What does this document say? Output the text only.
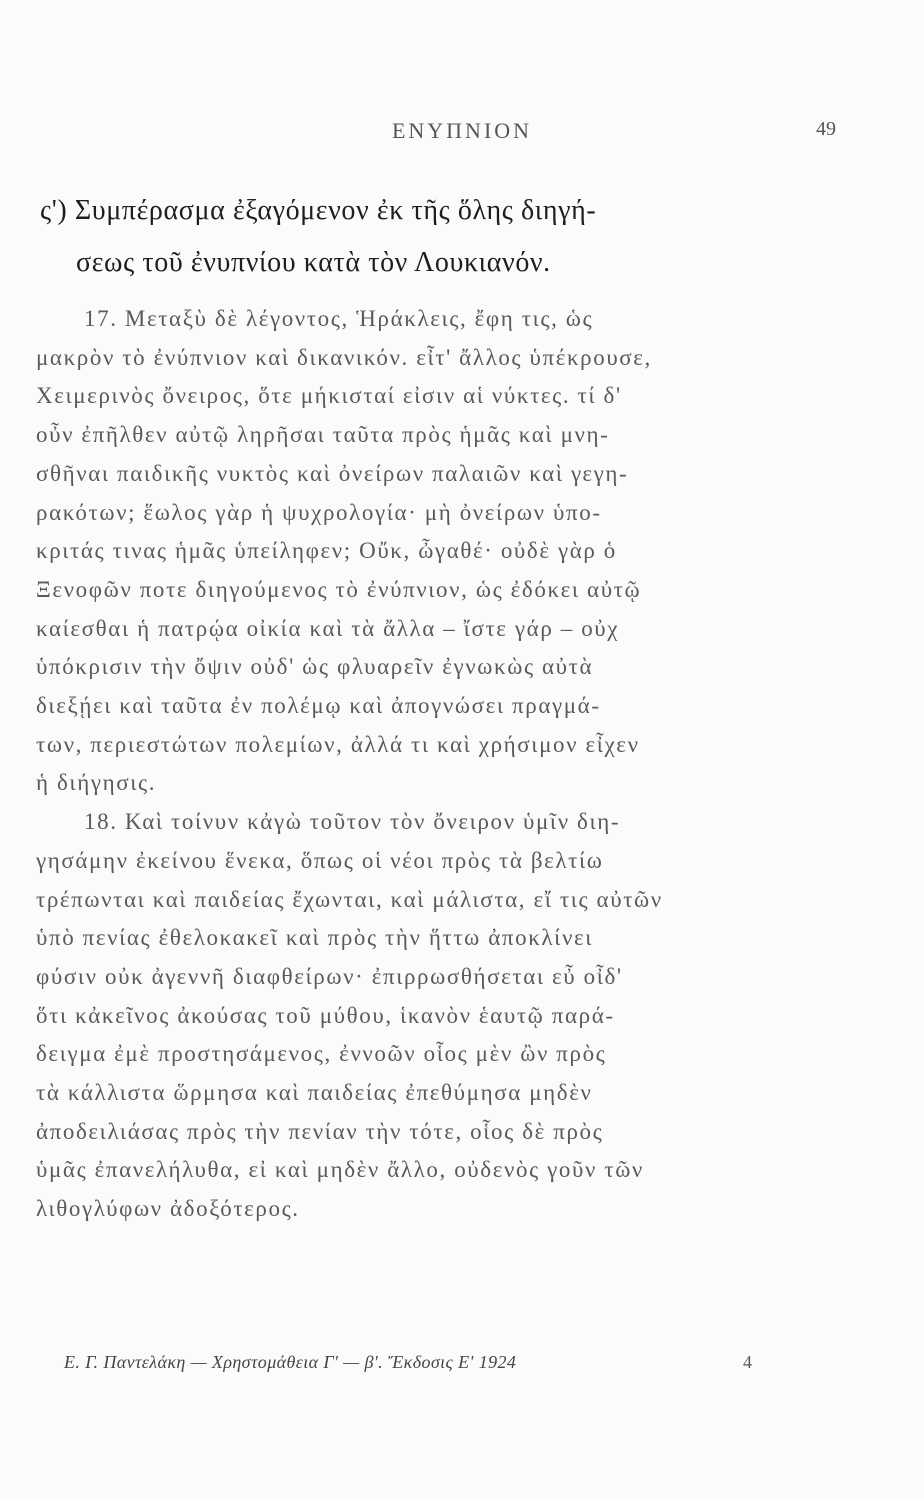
ΕΝΥΠΝΙΟΝ	49
ς') Συμπέρασμα ἐξαγόμενον ἐκ τῆς ὅλης διηγή-
σεως τοῦ ἐνυπνίου κατὰ τὸν Λουκιανόν.
17. Μεταξὺ δὲ λέγοντος, Ἡράκλεις, ἔφη τις, ὡς
μακρὸν τὸ ἐνύπνιον καὶ δικανικόν. εἶτ' ἄλλος ὑπέκρουσε,
Χειμερινὸς ὄνειρος, ὅτε μήκισταί εἰσιν αἱ νύκτες. τί δ'
οὖν ἐπῆλθεν αὐτῷ ληρῆσαι ταῦτα πρὸς ἡμᾶς καὶ μνη-
σθῆναι παιδικῆς νυκτὸς καὶ ὀνείρων παλαιῶν καὶ γεγη-
ρακότων; ἕωλος γὰρ ἡ ψυχρολογία· μὴ ὀνείρων ὑπο-
κριτάς τινας ἡμᾶς ὑπείληφεν; Οὔκ, ὦγαθέ· οὐδὲ γὰρ ὁ
Ξενοφῶν ποτε διηγούμενος τὸ ἐνύπνιον, ὡς ἐδόκει αὐτῷ
καίεσθαι ἡ πατρῴα οἰκία καὶ τὰ ἄλλα – ἴστε γάρ – οὐχ
ὑπόκρισιν τὴν ὄψιν οὐδ' ὡς φλυαρεῖν ἐγνωκὼς αὐτὰ
διεξῄει καὶ ταῦτα ἐν πολέμῳ καὶ ἀπογνώσει πραγμά-
των, περιεστώτων πολεμίων, ἀλλά τι καὶ χρήσιμον εἶχεν
ἡ διήγησις.
18. Καὶ τοίνυν κἀγὼ τοῦτον τὸν ὄνειρον ὑμῖν διη-
γησάμην ἐκείνου ἕνεκα, ὅπως οἱ νέοι πρὸς τὰ βελτίω
τρέπωνται καὶ παιδείας ἔχωνται, καὶ μάλιστα, εἴ τις αὐτῶν
ὑπὸ πενίας ἐθελοκακεῖ καὶ πρὸς τὴν ἥττω ἀποκλίνει
φύσιν οὐκ ἀγεννῆ διαφθείρων· ἐπιρρωσθήσεται εὖ οἶδ'
ὅτι κἀκεῖνος ἀκούσας τοῦ μύθου, ἱκανὸν ἑαυτῷ παρά-
δειγμα ἐμὲ προστησάμενος, ἐννοῶν οἷος μὲν ὢν πρὸς
τὰ κάλλιστα ὥρμησα καὶ παιδείας ἐπεθύμησα μηδὲν
ἀποδειλιάσας πρὸς τὴν πενίαν τὴν τότε, οἷος δὲ πρὸς
ὑμᾶς ἐπανελήλυθα, εἰ καὶ μηδὲν ἄλλο, οὐδενὸς γοῦν τῶν
λιθογλύφων ἀδοξότερος.
Ε. Γ. Παντελάκη — Χρηστομάθεια Γ' — β'. Ἔκδοσις Ε' 1924	4
